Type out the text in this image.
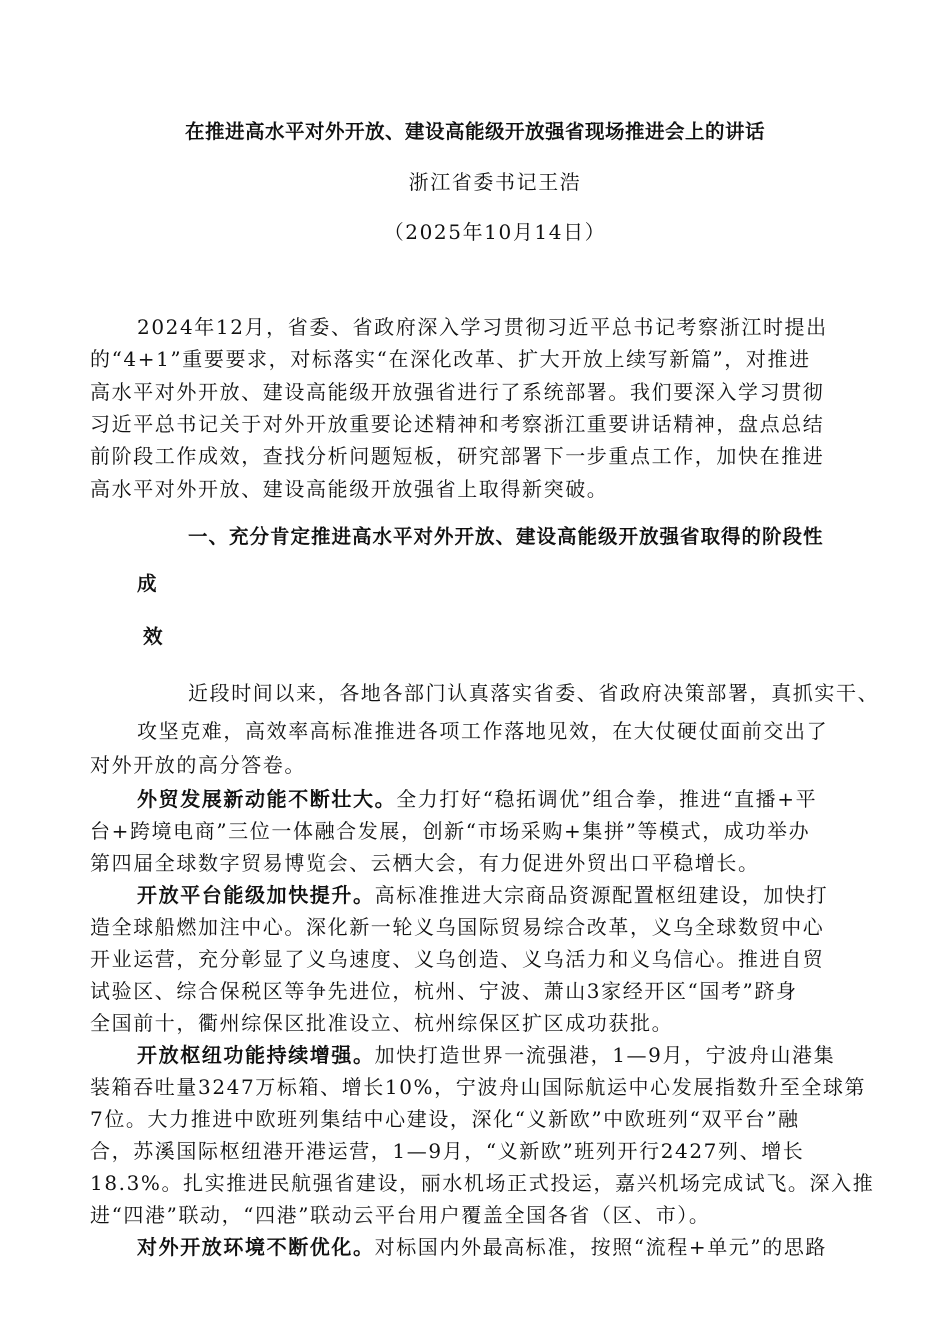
在推进高水平对外开放、建设高能级开放强省现场推进会上的讲话
浙江省委书记王浩
（2025年10月14日）
2024年12月，省委、省政府深入学习贯彻习近平总书记考察浙江时提出
的“4+1”重要要求，对标落实“在深化改革、扩大开放上续写新篇”，对推进
高水平对外开放、建设高能级开放强省进行了系统部署。我们要深入学习贯彻
习近平总书记关于对外开放重要论述精神和考察浙江重要讲话精神，盘点总结
前阶段工作成效，查找分析问题短板，研究部署下一步重点工作，加快在推进
高水平对外开放、建设高能级开放强省上取得新突破。
一、充分肯定推进高水平对外开放、建设高能级开放强省取得的阶段性
成
效
近段时间以来，各地各部门认真落实省委、省政府决策部署，真抓实干、
攻坚克难，高效率高标准推进各项工作落地见效，在大仗硬仗面前交出了
对外开放的高分答卷。
外贸发展新动能不断壮大。全力打好“稳拓调优”组合拳，推进“直播+平
台+跨境电商”三位一体融合发展，创新“市场采购+集拼”等模式，成功举办
第四届全球数字贸易博览会、云栖大会，有力促进外贸出口平稳增长。
开放平台能级加快提升。高标准推进大宗商品资源配置枢纽建设，加快打
造全球船燃加注中心。深化新一轮义乌国际贸易综合改革，义乌全球数贸中心
开业运营，充分彰显了义乌速度、义乌创造、义乌活力和义乌信心。推进自贸
试验区、综合保税区等争先进位，杭州、宁波、萧山3家经开区“国考”跻身
全国前十，衢州综保区批准设立、杭州综保区扩区成功获批。
开放枢纽功能持续增强。加快打造世界一流强港，1—9月，宁波舟山港集
装箱吞吐量3247万标箱、增长10%，宁波舟山国际航运中心发展指数升至全球第
7位。大力推进中欧班列集结中心建设，深化“义新欧”中欧班列“双平台”融
合，苏溪国际枢纽港开港运营，1—9月，“义新欧”班列开行2427列、增长
18.3%。扎实推进民航强省建设，丽水机场正式投运，嘉兴机场完成试飞。深入推
进“四港”联动，“四港”联动云平台用户覆盖全国各省（区、市）。
对外开放环境不断优化。对标国内外最高标准，按照“流程+单元”的思路
